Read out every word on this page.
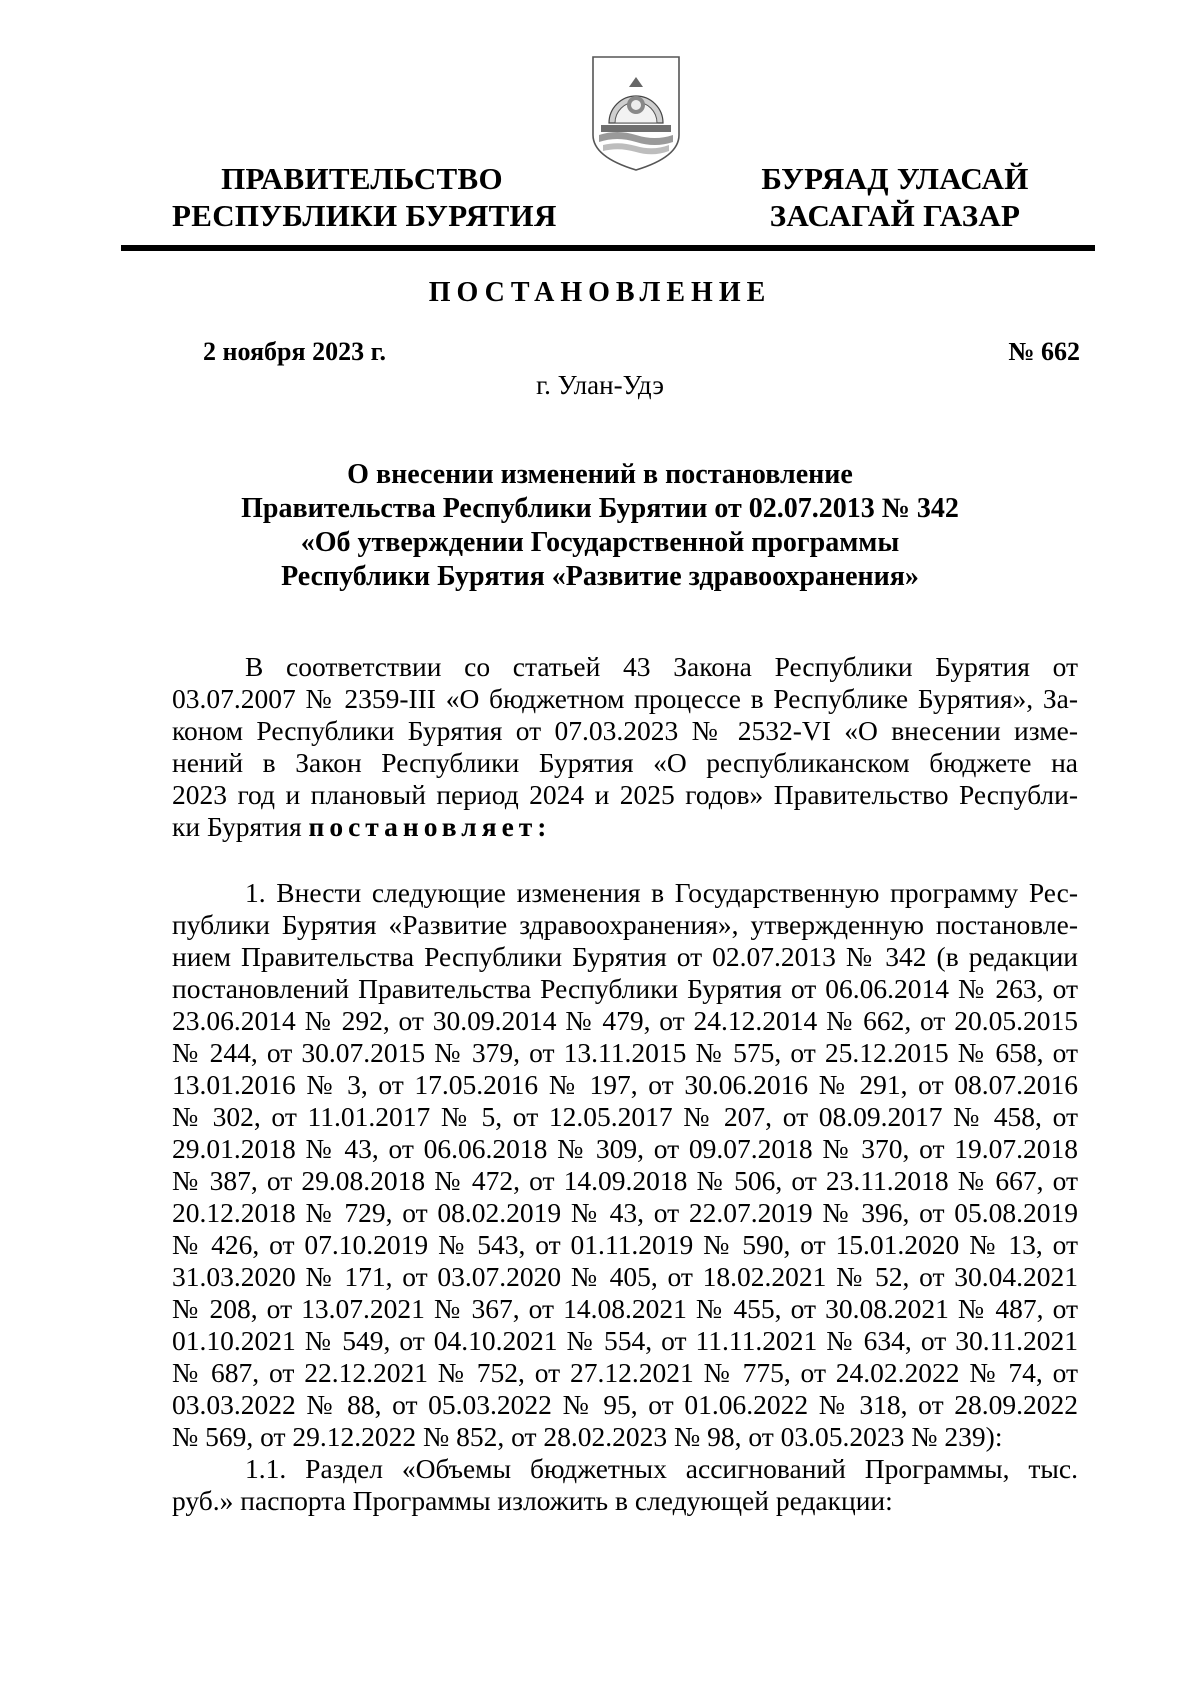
ПРАВИТЕЛЬСТВО
РЕСПУБЛИКИ БУРЯТИЯ
БУРЯАД УЛАСАЙ
ЗАСАГАЙ ГАЗАР
ПОСТАНОВЛЕНИЕ
2 ноября 2023 г.	№ 662
г. Улан-Удэ
О внесении изменений в постановление
Правительства Республики Бурятии от 02.07.2013 № 342
«Об утверждении Государственной программы
Республики Бурятия «Развитие здравоохранения»
В соответствии со статьей 43 Закона Республики Бурятия от
03.07.2007 № 2359-III «О бюджетном процессе в Республике Бурятия», За-
коном Республики Бурятия от 07.03.2023 № 2532-VI «О внесении изме-
нений в Закон Республики Бурятия «О республиканском бюджете на
2023 год и плановый период 2024 и 2025 годов» Правительство Республи-
ки Бурятия постановляет:
1. Внести следующие изменения в Государственную программу Рес-
публики Бурятия «Развитие здравоохранения», утвержденную постановле-
нием Правительства Республики Бурятия от 02.07.2013 № 342 (в редакции
постановлений Правительства Республики Бурятия от 06.06.2014 № 263, от
23.06.2014 № 292, от 30.09.2014 № 479, от 24.12.2014 № 662, от 20.05.2015
№ 244, от 30.07.2015 № 379, от 13.11.2015 № 575, от 25.12.2015 № 658, от
13.01.2016 № 3, от 17.05.2016 № 197, от 30.06.2016 № 291, от 08.07.2016
№ 302, от 11.01.2017 № 5, от 12.05.2017 № 207, от 08.09.2017 № 458, от
29.01.2018 № 43, от 06.06.2018 № 309, от 09.07.2018 № 370, от 19.07.2018
№ 387, от 29.08.2018 № 472, от 14.09.2018 № 506, от 23.11.2018 № 667, от
20.12.2018 № 729, от 08.02.2019 № 43, от 22.07.2019 № 396, от 05.08.2019
№ 426, от 07.10.2019 № 543, от 01.11.2019 № 590, от 15.01.2020 № 13, от
31.03.2020 № 171, от 03.07.2020 № 405, от 18.02.2021 № 52, от 30.04.2021
№ 208, от 13.07.2021 № 367, от 14.08.2021 № 455, от 30.08.2021 № 487, от
01.10.2021 № 549, от 04.10.2021 № 554, от 11.11.2021 № 634, от 30.11.2021
№ 687, от 22.12.2021 № 752, от 27.12.2021 № 775, от 24.02.2022 № 74, от
03.03.2022 № 88, от 05.03.2022 № 95, от 01.06.2022 № 318, от 28.09.2022
№ 569, от 29.12.2022 № 852, от 28.02.2023 № 98, от 03.05.2023 № 239):
1.1. Раздел «Объемы бюджетных ассигнований Программы, тыс.
руб.» паспорта Программы изложить в следующей редакции:
